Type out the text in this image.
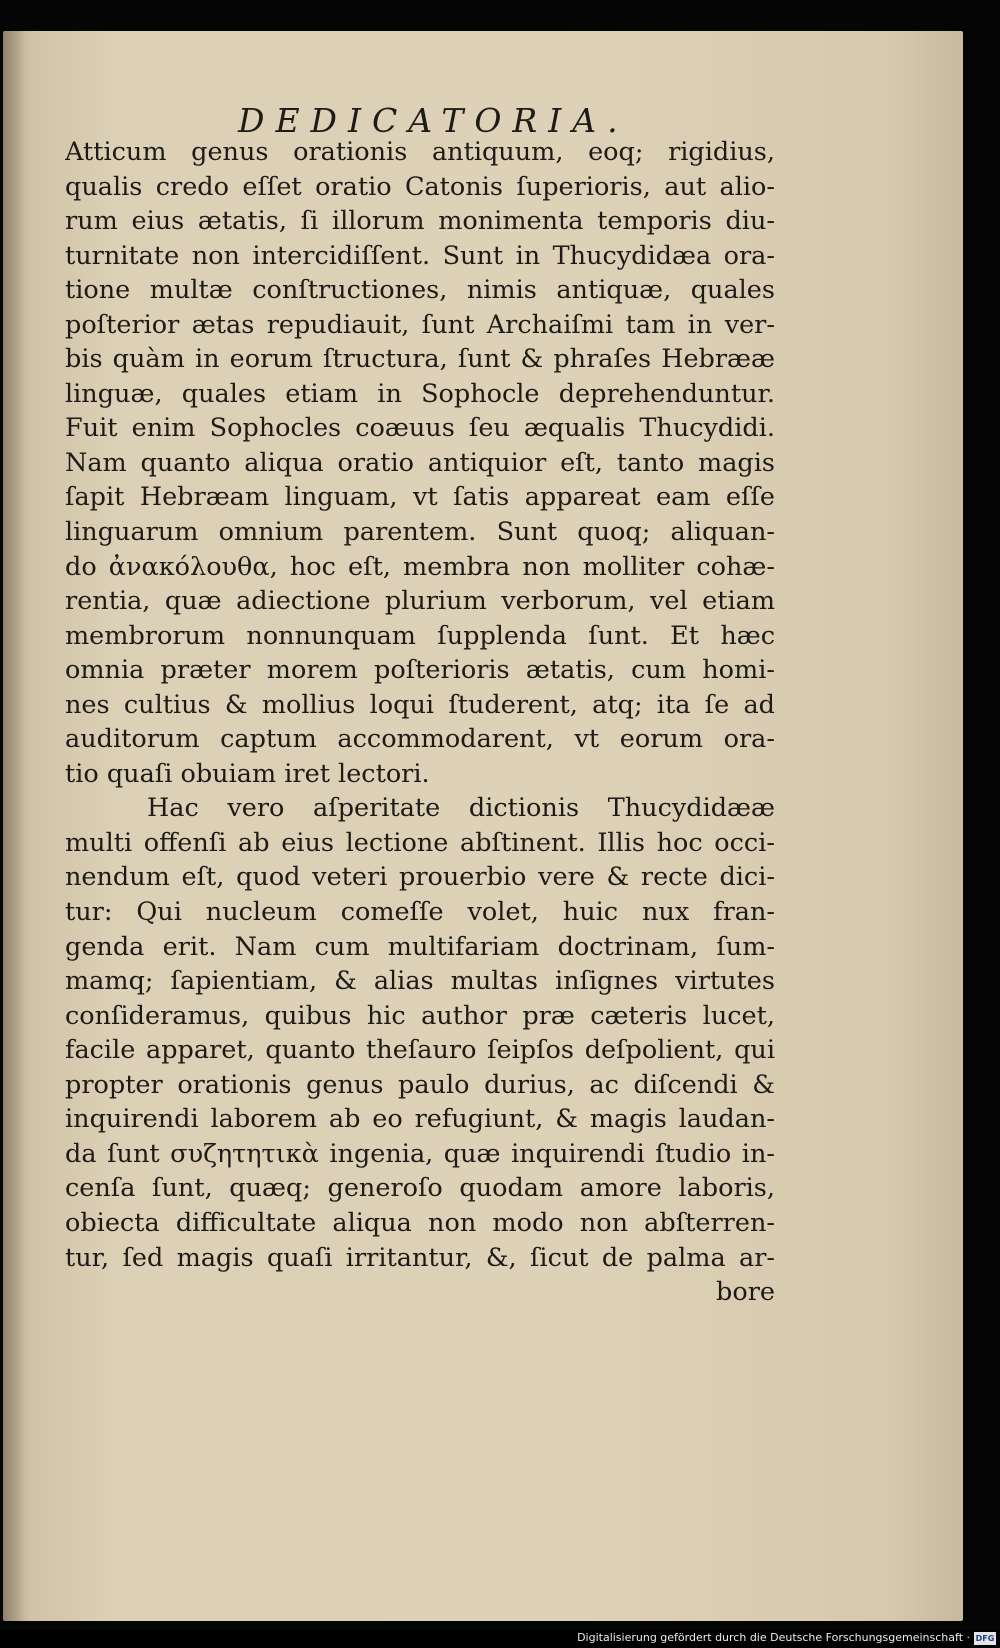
DEDICATORIA.
Atticum genus orationis antiquum, eoq; rigidius,
qualis credo eſſet oratio Catonis ſuperioris, aut alio-
rum eius ætatis, ſi illorum monimenta temporis diu-
turnitate non intercidiſſent. Sunt in Thucydidæa ora-
tione multæ conſtructiones, nimis antiquæ, quales
poſterior ætas repudiauit, ſunt Archaiſmi tam in ver-
bis quàm in eorum ſtructura, ſunt & phraſes Hebrææ
linguæ, quales etiam in Sophocle deprehenduntur.
Fuit enim Sophocles coæuus ſeu æqualis Thucydidi.
Nam quanto aliqua oratio antiquior eſt, tanto magis
ſapit Hebræam linguam, vt ſatis appareat eam eſſe
linguarum omnium parentem. Sunt quoq; aliquan-
do ἀνακόλουθα, hoc eſt, membra non molliter cohæ-
rentia, quæ adiectione plurium verborum, vel etiam
membrorum nonnunquam ſupplenda ſunt. Et hæc
omnia præter morem poſterioris ætatis, cum homi-
nes cultius & mollius loqui ſtuderent, atq; ita ſe ad
auditorum captum accommodarent, vt eorum ora-
tio quaſi obuiam iret lectori.
Hac vero aſperitate dictionis Thucydidææ
multi offenſi ab eius lectione abſtinent. Illis hoc occi-
nendum eſt, quod veteri prouerbio vere & recte dici-
tur: Qui nucleum comeſſe volet, huic nux fran-
genda erit. Nam cum multifariam doctrinam, ſum-
mamq; ſapientiam, & alias multas inſignes virtutes
conſideramus, quibus hic author præ cæteris lucet,
facile apparet, quanto theſauro ſeipſos deſpolient, qui
propter orationis genus paulo durius, ac diſcendi &
inquirendi laborem ab eo refugiunt, & magis laudan-
da ſunt συζητητικὰ ingenia, quæ inquirendi ſtudio in-
cenſa ſunt, quæq; generoſo quodam amore laboris,
obiecta difficultate aliqua non modo non abſterren-
tur, ſed magis quaſi irritantur, &, ſicut de palma ar-
bore
Digitalisierung gefördert durch die Deutsche Forschungsgemeinschaft · DFG
